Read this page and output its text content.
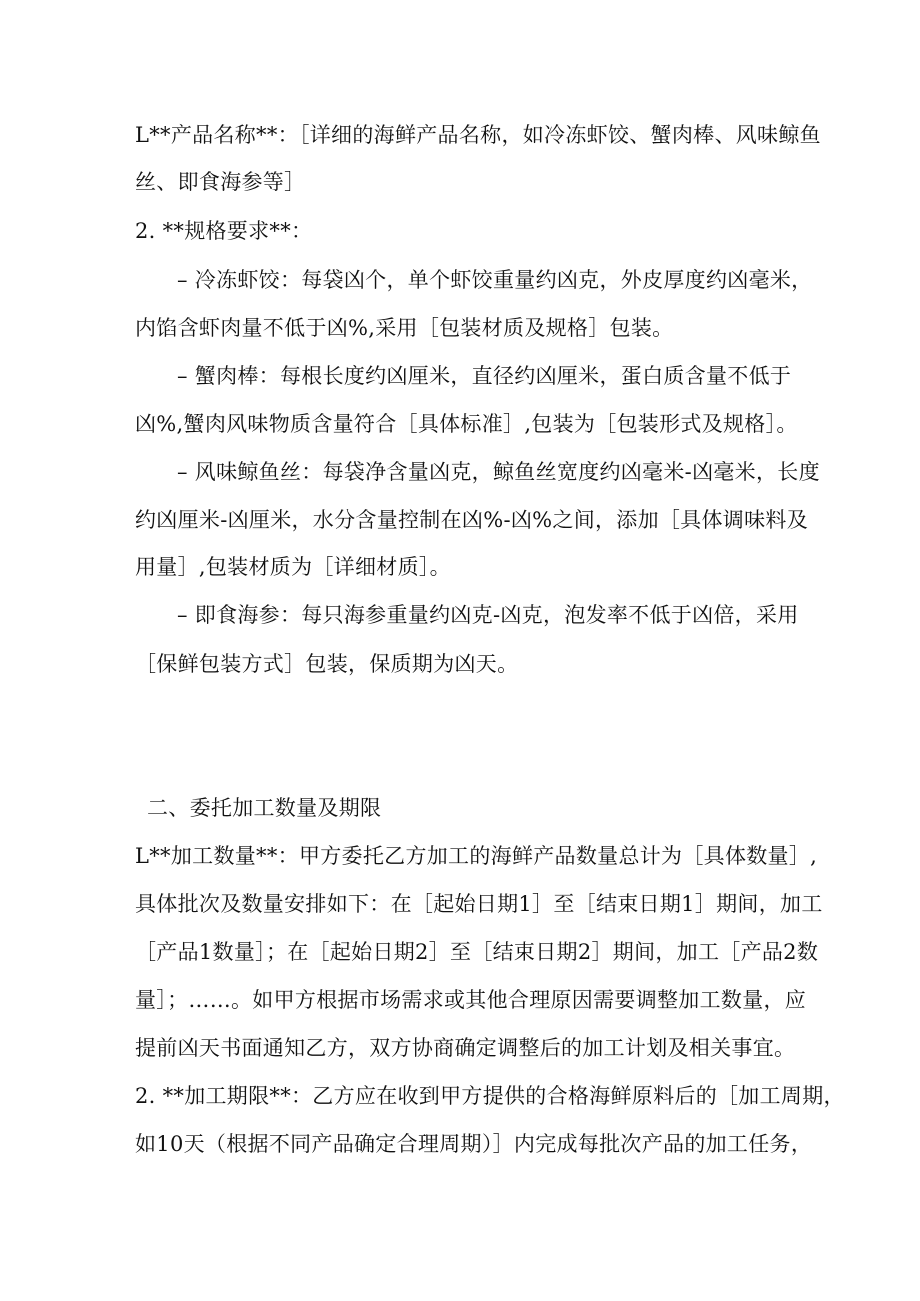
L**产品名称**：［详细的海鲜产品名称，如冷冻虾饺、蟹肉棒、风味鲸鱼
丝、即食海参等］
2. **规格要求**：
– 冷冻虾饺：每袋凶个，单个虾饺重量约凶克，外皮厚度约凶毫米，
内馅含虾肉量不低于凶%,采用［包装材质及规格］包装。
– 蟹肉棒：每根长度约凶厘米，直径约凶厘米，蛋白质含量不低于
凶%,蟹肉风味物质含量符合［具体标准］,包装为［包装形式及规格］。
– 风味鲸鱼丝：每袋净含量凶克，鲸鱼丝宽度约凶毫米-凶毫米，长度
约凶厘米-凶厘米，水分含量控制在凶%-凶%之间，添加［具体调味料及
用量］,包装材质为［详细材质］。
– 即食海参：每只海参重量约凶克-凶克，泡发率不低于凶倍，采用
［保鲜包装方式］包装，保质期为凶天。
二、委托加工数量及期限
L**加工数量**：甲方委托乙方加工的海鲜产品数量总计为［具体数量］,
具体批次及数量安排如下：在［起始日期1］至［结束日期1］期间，加工
［产品1数量］；在［起始日期2］至［结束日期2］期间，加工［产品2数
量］；……。如甲方根据市场需求或其他合理原因需要调整加工数量，应
提前凶天书面通知乙方，双方协商确定调整后的加工计划及相关事宜。
2. **加工期限**：乙方应在收到甲方提供的合格海鲜原料后的［加工周期，
如10天（根据不同产品确定合理周期）］内完成每批次产品的加工任务，
